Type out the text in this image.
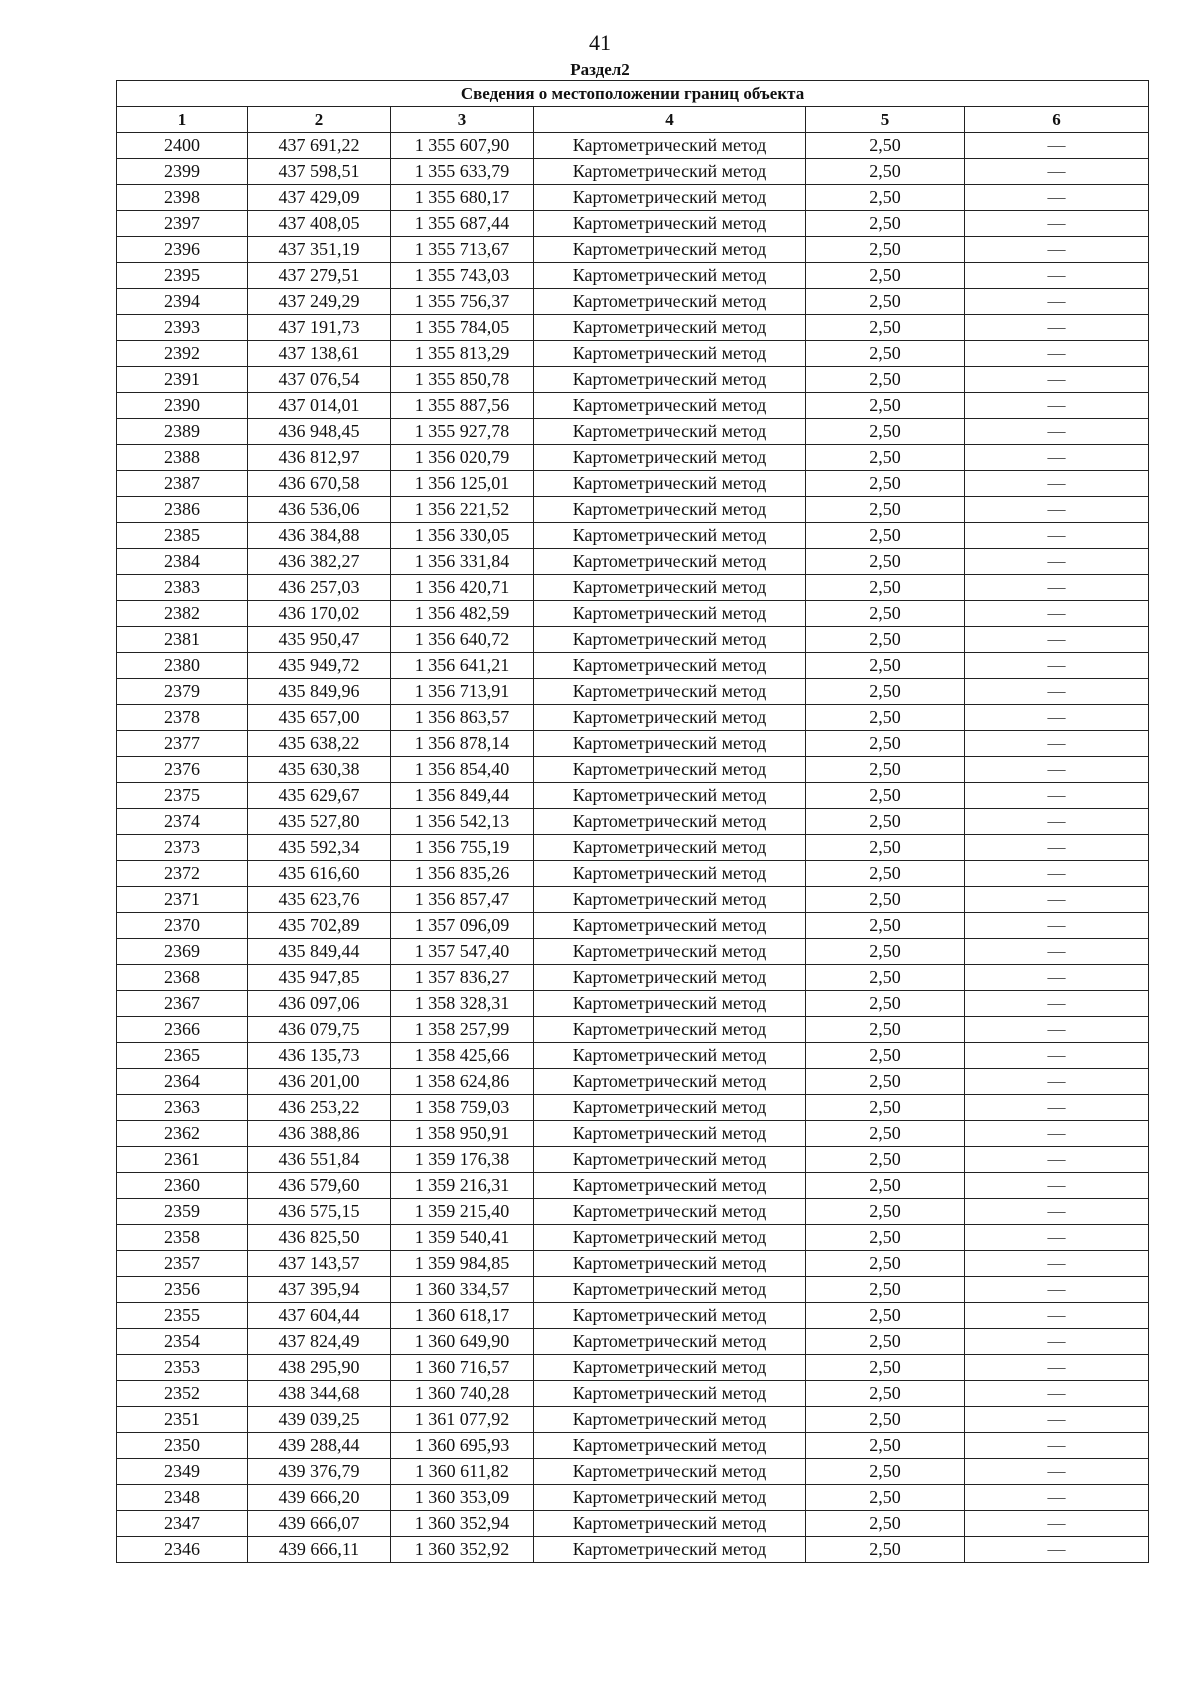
41
Раздел2
Сведения о местоположении границ объекта					
1	2	3	4	5	6
2400	437 691,22	1 355 607,90	Картометрический метод	2,50	—
2399	437 598,51	1 355 633,79	Картометрический метод	2,50	—
2398	437 429,09	1 355 680,17	Картометрический метод	2,50	—
2397	437 408,05	1 355 687,44	Картометрический метод	2,50	—
2396	437 351,19	1 355 713,67	Картометрический метод	2,50	—
2395	437 279,51	1 355 743,03	Картометрический метод	2,50	—
2394	437 249,29	1 355 756,37	Картометрический метод	2,50	—
2393	437 191,73	1 355 784,05	Картометрический метод	2,50	—
2392	437 138,61	1 355 813,29	Картометрический метод	2,50	—
2391	437 076,54	1 355 850,78	Картометрический метод	2,50	—
2390	437 014,01	1 355 887,56	Картометрический метод	2,50	—
2389	436 948,45	1 355 927,78	Картометрический метод	2,50	—
2388	436 812,97	1 356 020,79	Картометрический метод	2,50	—
2387	436 670,58	1 356 125,01	Картометрический метод	2,50	—
2386	436 536,06	1 356 221,52	Картометрический метод	2,50	—
2385	436 384,88	1 356 330,05	Картометрический метод	2,50	—
2384	436 382,27	1 356 331,84	Картометрический метод	2,50	—
2383	436 257,03	1 356 420,71	Картометрический метод	2,50	—
2382	436 170,02	1 356 482,59	Картометрический метод	2,50	—
2381	435 950,47	1 356 640,72	Картометрический метод	2,50	—
2380	435 949,72	1 356 641,21	Картометрический метод	2,50	—
2379	435 849,96	1 356 713,91	Картометрический метод	2,50	—
2378	435 657,00	1 356 863,57	Картометрический метод	2,50	—
2377	435 638,22	1 356 878,14	Картометрический метод	2,50	—
2376	435 630,38	1 356 854,40	Картометрический метод	2,50	—
2375	435 629,67	1 356 849,44	Картометрический метод	2,50	—
2374	435 527,80	1 356 542,13	Картометрический метод	2,50	—
2373	435 592,34	1 356 755,19	Картометрический метод	2,50	—
2372	435 616,60	1 356 835,26	Картометрический метод	2,50	—
2371	435 623,76	1 356 857,47	Картометрический метод	2,50	—
2370	435 702,89	1 357 096,09	Картометрический метод	2,50	—
2369	435 849,44	1 357 547,40	Картометрический метод	2,50	—
2368	435 947,85	1 357 836,27	Картометрический метод	2,50	—
2367	436 097,06	1 358 328,31	Картометрический метод	2,50	—
2366	436 079,75	1 358 257,99	Картометрический метод	2,50	—
2365	436 135,73	1 358 425,66	Картометрический метод	2,50	—
2364	436 201,00	1 358 624,86	Картометрический метод	2,50	—
2363	436 253,22	1 358 759,03	Картометрический метод	2,50	—
2362	436 388,86	1 358 950,91	Картометрический метод	2,50	—
2361	436 551,84	1 359 176,38	Картометрический метод	2,50	—
2360	436 579,60	1 359 216,31	Картометрический метод	2,50	—
2359	436 575,15	1 359 215,40	Картометрический метод	2,50	—
2358	436 825,50	1 359 540,41	Картометрический метод	2,50	—
2357	437 143,57	1 359 984,85	Картометрический метод	2,50	—
2356	437 395,94	1 360 334,57	Картометрический метод	2,50	—
2355	437 604,44	1 360 618,17	Картометрический метод	2,50	—
2354	437 824,49	1 360 649,90	Картометрический метод	2,50	—
2353	438 295,90	1 360 716,57	Картометрический метод	2,50	—
2352	438 344,68	1 360 740,28	Картометрический метод	2,50	—
2351	439 039,25	1 361 077,92	Картометрический метод	2,50	—
2350	439 288,44	1 360 695,93	Картометрический метод	2,50	—
2349	439 376,79	1 360 611,82	Картометрический метод	2,50	—
2348	439 666,20	1 360 353,09	Картометрический метод	2,50	—
2347	439 666,07	1 360 352,94	Картометрический метод	2,50	—
2346	439 666,11	1 360 352,92	Картометрический метод	2,50	—
